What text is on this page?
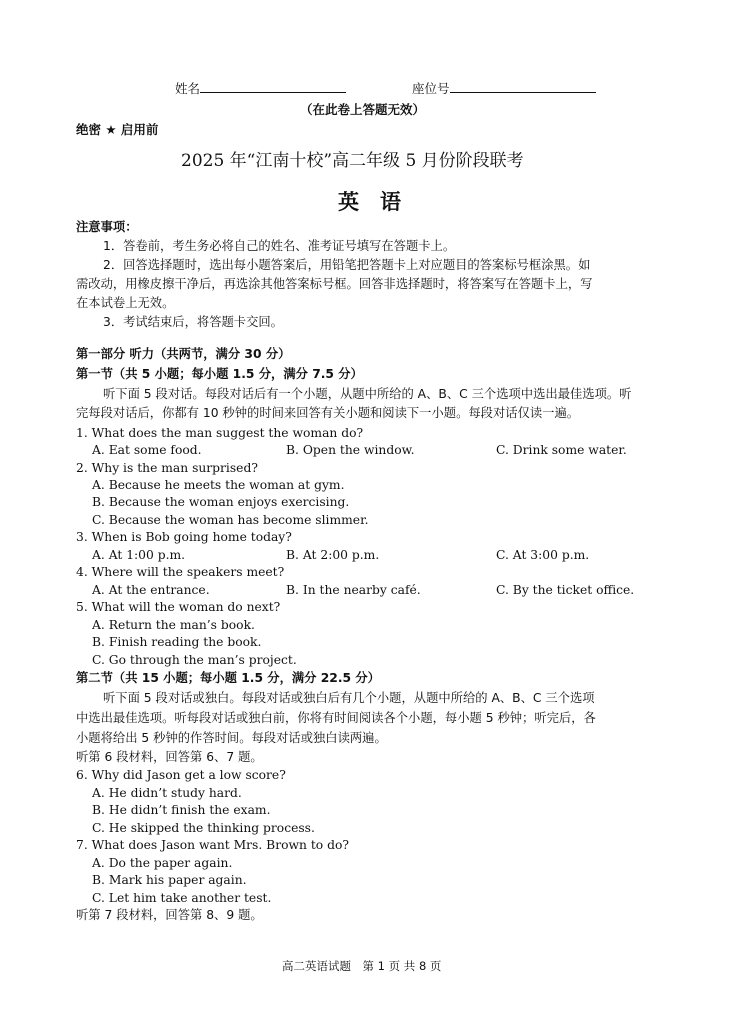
姓名	座位号
（在此卷上答题无效）
绝密 ★ 启用前
2025 年“江南十校”高二年级 5 月份阶段联考
英　语
注意事项：
1．答卷前，考生务必将自己的姓名、准考证号填写在答题卡上。
2．回答选择题时，选出每小题答案后，用铅笔把答题卡上对应题目的答案标号框涂黑。如
需改动，用橡皮擦干净后，再选涂其他答案标号框。回答非选择题时，将答案写在答题卡上，写
在本试卷上无效。
3．考试结束后，将答题卡交回。
第一部分 听力（共两节，满分 30 分）
第一节（共 5 小题；每小题 1.5 分，满分 7.5 分）
听下面 5 段对话。每段对话后有一个小题，从题中所给的 A、B、C 三个选项中选出最佳选项。听
完每段对话后，你都有 10 秒钟的时间来回答有关小题和阅读下一小题。每段对话仅读一遍。
1. What does the man suggest the woman do?
A. Eat some food.	B. Open the window.	C. Drink some water.
2. Why is the man surprised?
A. Because he meets the woman at gym.
B. Because the woman enjoys exercising.
C. Because the woman has become slimmer.
3. When is Bob going home today?
A. At 1:00 p.m.	B. At 2:00 p.m.	C. At 3:00 p.m.
4. Where will the speakers meet?
A. At the entrance.	B. In the nearby café.	C. By the ticket office.
5. What will the woman do next?
A. Return the man’s book.
B. Finish reading the book.
C. Go through the man’s project.
第二节（共 15 小题；每小题 1.5 分，满分 22.5 分）
听下面 5 段对话或独白。每段对话或独白后有几个小题，从题中所给的 A、B、C 三个选项
中选出最佳选项。听每段对话或独白前，你将有时间阅读各个小题，每小题 5 秒钟；听完后，各
小题将给出 5 秒钟的作答时间。每段对话或独白读两遍。
听第 6 段材料，回答第 6、7 题。
6. Why did Jason get a low score?
A. He didn’t study hard.
B. He didn’t finish the exam.
C. He skipped the thinking process.
7. What does Jason want Mrs. Brown to do?
A. Do the paper again.
B. Mark his paper again.
C. Let him take another test.
听第 7 段材料，回答第 8、9 题。
高二英语试题　第 1 页 共 8 页
